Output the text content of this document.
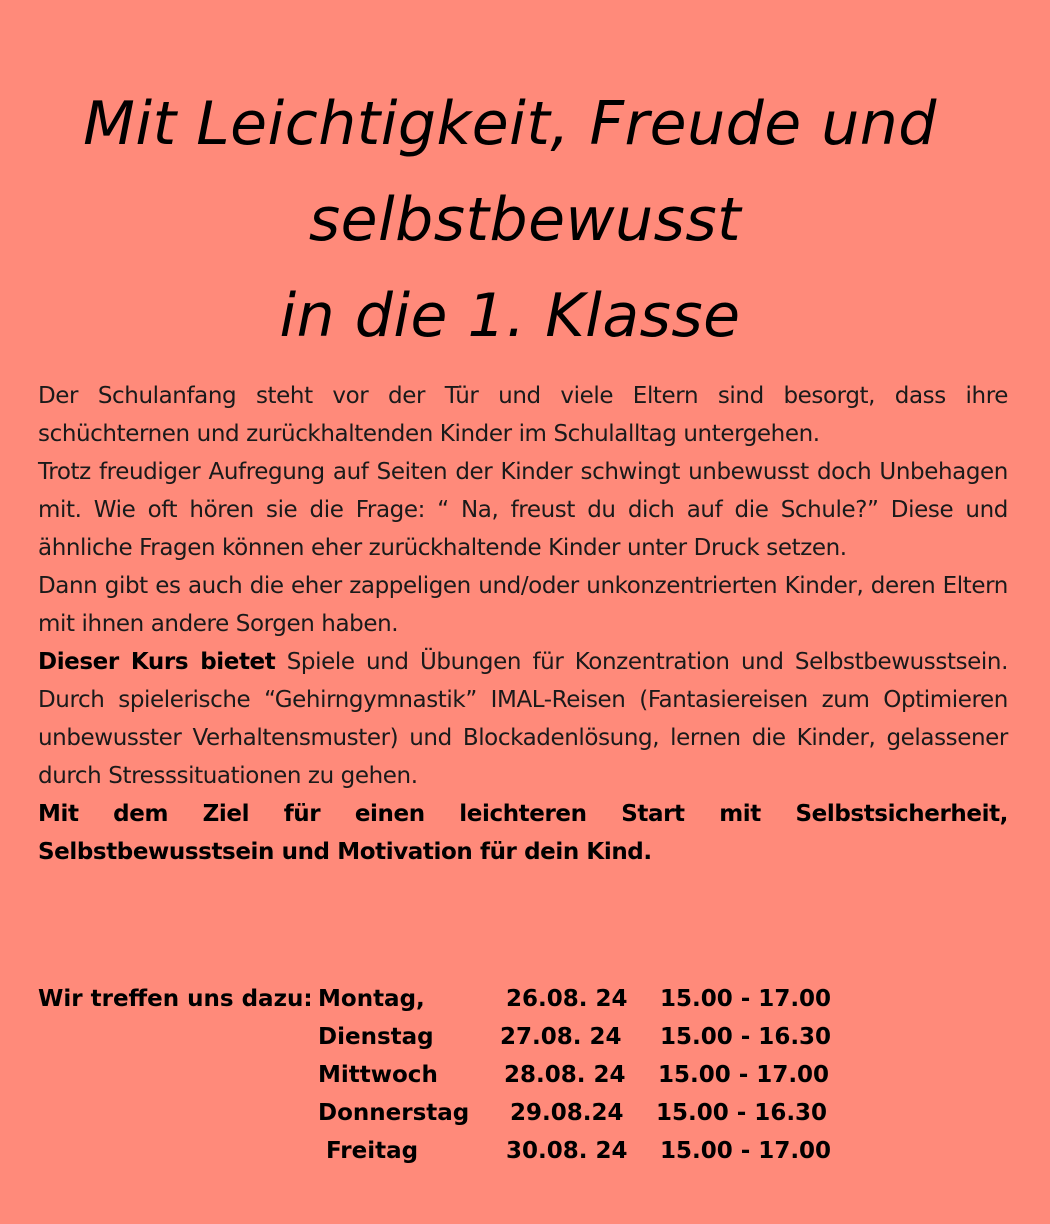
Mit Leichtigkeit, Freude und
selbstbewusst
in die 1. Klasse

Der Schulanfang steht vor der Tür und viele Eltern sind besorgt, dass ihre schüchternen und zurückhaltenden Kinder im Schulalltag untergehen.

Trotz freudiger Aufregung auf Seiten der Kinder schwingt unbewusst doch Unbehagen mit. Wie oft hören sie die Frage: “ Na, freust du dich auf die Schule?” Diese und ähnliche Fragen können eher zurückhaltende Kinder unter Druck setzen.

Dann gibt es auch die eher zappeligen und/oder unkonzentrierten Kinder, deren Eltern mit ihnen andere Sorgen haben.

Dieser Kurs bietet Spiele und Übungen für Konzentration und Selbstbewusstsein. Durch spielerische “Gehirngymnastik” IMAL-Reisen (Fantasiereisen zum Optimieren unbewusster Verhaltensmuster) und Blockadenlösung, lernen die Kinder, gelassener durch Stresssituationen zu gehen.

Mit dem Ziel für einen leichteren Start mit Selbstsicherheit, Selbstbewusstsein und Motivation für dein Kind.

Wir treffen uns dazu: Montag,	26.08. 24 15.00 - 17.00
Dienstag	27.08. 24 15.00 - 16.30
Mittwoch	28.08. 24 15.00 - 17.00
Donnerstag 29.08.24 15.00 - 16.30
Freitag	30.08. 24 15.00 - 17.00
